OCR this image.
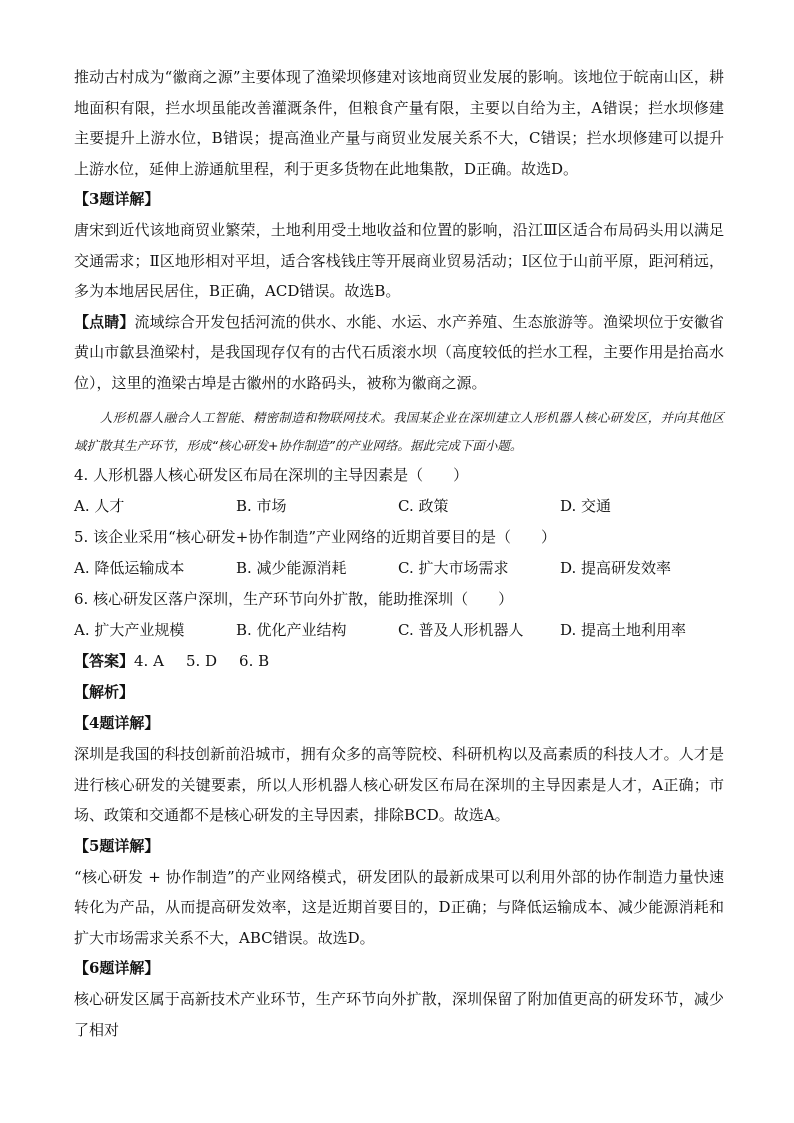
推动古村成为“徽商之源”主要体现了渔梁坝修建对该地商贸业发展的影响。该地位于皖南山区，耕地面积有限，拦水坝虽能改善灌溉条件，但粮食产量有限，主要以自给为主，A错误；拦水坝修建主要提升上游水位，B错误；提高渔业产量与商贸业发展关系不大，C错误；拦水坝修建可以提升上游水位，延伸上游通航里程，利于更多货物在此地集散，D正确。故选D。

【3题详解】

唐宋到近代该地商贸业繁荣，土地利用受土地收益和位置的影响，沿江Ⅲ区适合布局码头用以满足交通需求；Ⅱ区地形相对平坦，适合客栈钱庄等开展商业贸易活动；Ⅰ区位于山前平原，距河稍远，多为本地居民居住，B正确，ACD错误。故选B。

【点睛】流域综合开发包括河流的供水、水能、水运、水产养殖、生态旅游等。渔梁坝位于安徽省黄山市歙县渔梁村，是我国现存仅有的古代石质滚水坝（高度较低的拦水工程，主要作用是抬高水位），这里的渔梁古埠是古徽州的水路码头，被称为徽商之源。

人形机器人融合人工智能、精密制造和物联网技术。我国某企业在深圳建立人形机器人核心研发区，并向其他区域扩散其生产环节，形成“核心研发+协作制造”的产业网络。据此完成下面小题。

4. 人形机器人核心研发区布局在深圳的主导因素是（　　）

A. 人才	B. 市场	C. 政策	D. 交通

5. 该企业采用“核心研发+协作制造”产业网络的近期首要目的是（　　）

A. 降低运输成本	B. 减少能源消耗	C. 扩大市场需求	D. 提高研发效率

6. 核心研发区落户深圳，生产环节向外扩散，能助推深圳（　　）

A. 扩大产业规模	B. 优化产业结构	C. 普及人形机器人	D. 提高土地利用率

【答案】4. A 5. D 6. B

【解析】

【4题详解】

深圳是我国的科技创新前沿城市，拥有众多的高等院校、科研机构以及高素质的科技人才。人才是进行核心研发的关键要素，所以人形机器人核心研发区布局在深圳的主导因素是人才，A正确；市场、政策和交通都不是核心研发的主导因素，排除BCD。故选A。

【5题详解】

“核心研发 + 协作制造”的产业网络模式，研发团队的最新成果可以利用外部的协作制造力量快速转化为产品，从而提高研发效率，这是近期首要目的，D正确；与降低运输成本、减少能源消耗和扩大市场需求关系不大，ABC错误。故选D。

【6题详解】

核心研发区属于高新技术产业环节，生产环节向外扩散，深圳保留了附加值更高的研发环节，减少了相对
